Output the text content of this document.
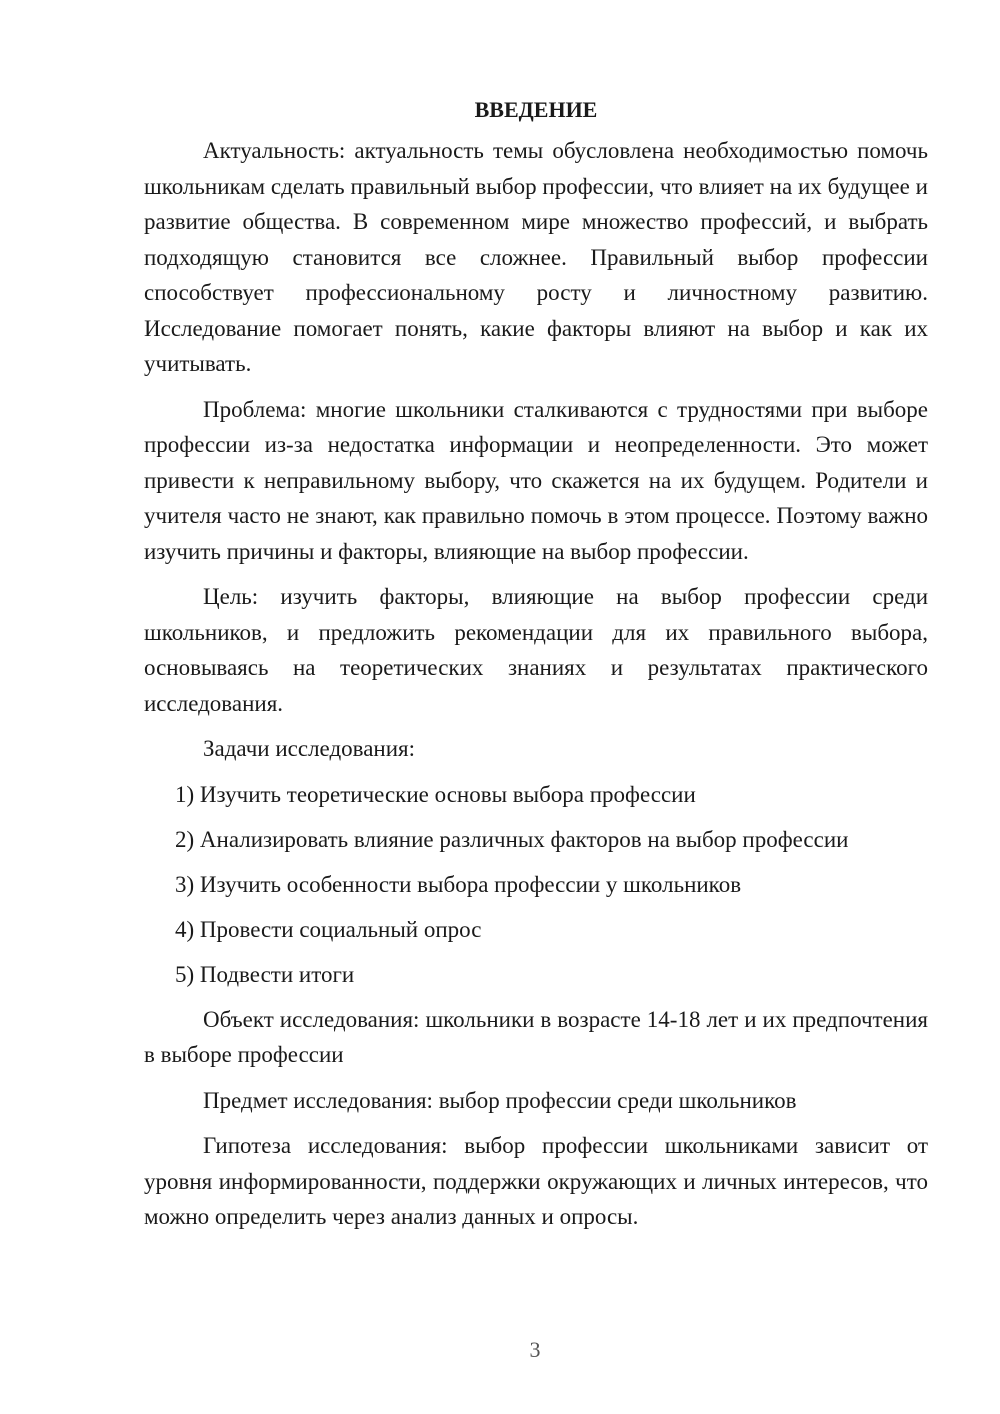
ВВЕДЕНИЕ

Актуальность: актуальность темы обусловлена необходимостью помочь школьникам сделать правильный выбор профессии, что влияет на их будущее и развитие общества. В современном мире множество профессий, и выбрать подходящую становится все сложнее. Правильный выбор профессии способствует профессиональному росту и личностному развитию. Исследование помогает понять, какие факторы влияют на выбор и как их учитывать.

Проблема: многие школьники сталкиваются с трудностями при выборе профессии из-за недостатка информации и неопределенности. Это может привести к неправильному выбору, что скажется на их будущем. Родители и учителя часто не знают, как правильно помочь в этом процессе. Поэтому важно изучить причины и факторы, влияющие на выбор профессии.

Цель: изучить факторы, влияющие на выбор профессии среди школьников, и предложить рекомендации для их правильного выбора, основываясь на теоретических знаниях и результатах практического исследования.

Задачи исследования:
1) Изучить теоретические основы выбора профессии
2) Анализировать влияние различных факторов на выбор профессии
3) Изучить особенности выбора профессии у школьников
4) Провести социальный опрос
5) Подвести итоги

Объект исследования: школьники в возрасте 14-18 лет и их предпочтения в выборе профессии

Предмет исследования: выбор профессии среди школьников

Гипотеза исследования: выбор профессии школьниками зависит от уровня информированности, поддержки окружающих и личных интересов, что можно определить через анализ данных и опросы.

3
